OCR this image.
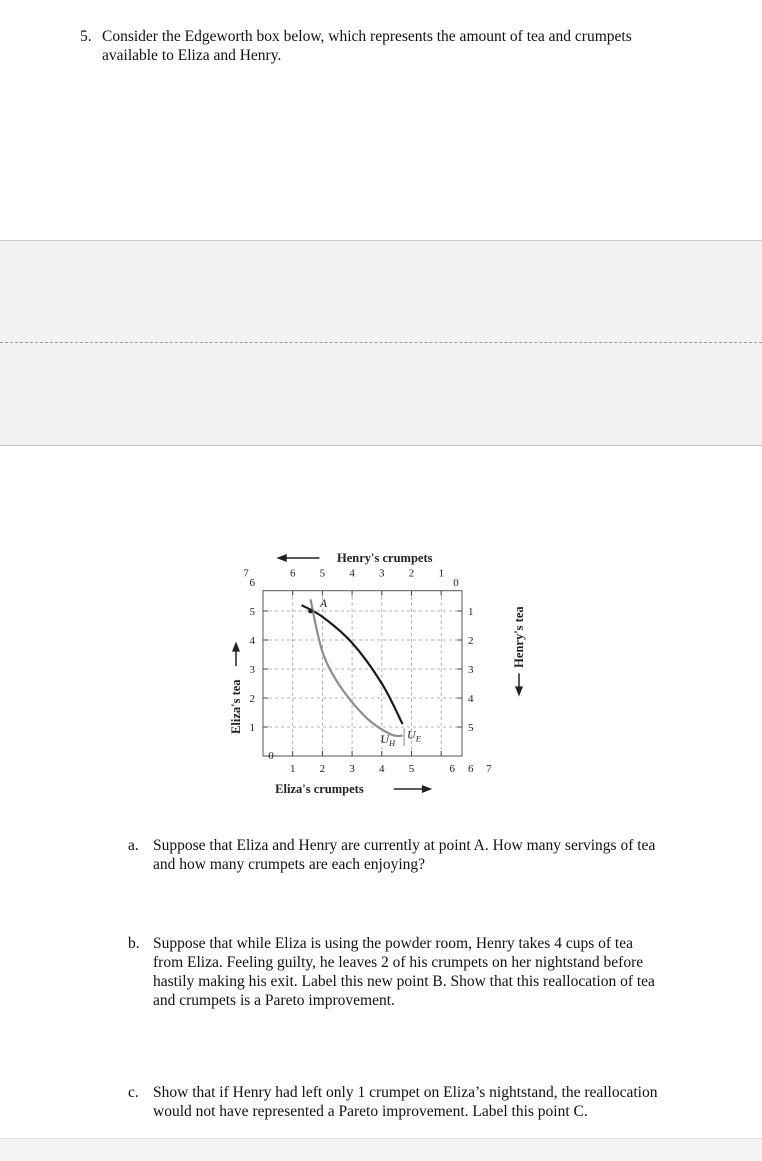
5. Consider the Edgeworth box below, which represents the amount of tea and crumpets
available to Eliza and Henry.
0
1 2 3 4 5	6	7
1
2
3
4
5
6
7	6 5 4 3 2 1
0
1
2
3
4
5
6
Henry's crumpets
Eliza's crumpets
Eliza's tea
Henry's tea
A
$U_H$
$U_E$
a. Suppose that Eliza and Henry are currently at point A. How many servings of tea
and how many crumpets are each enjoying?
b. Suppose that while Eliza is using the powder room, Henry takes 4 cups of tea
from Eliza. Feeling guilty, he leaves 2 of his crumpets on her nightstand before
hastily making his exit. Label this new point B. Show that this reallocation of tea
and crumpets is a Pareto improvement.
c. Show that if Henry had left only 1 crumpet on Eliza’s nightstand, the reallocation
would not have represented a Pareto improvement. Label this point C.
